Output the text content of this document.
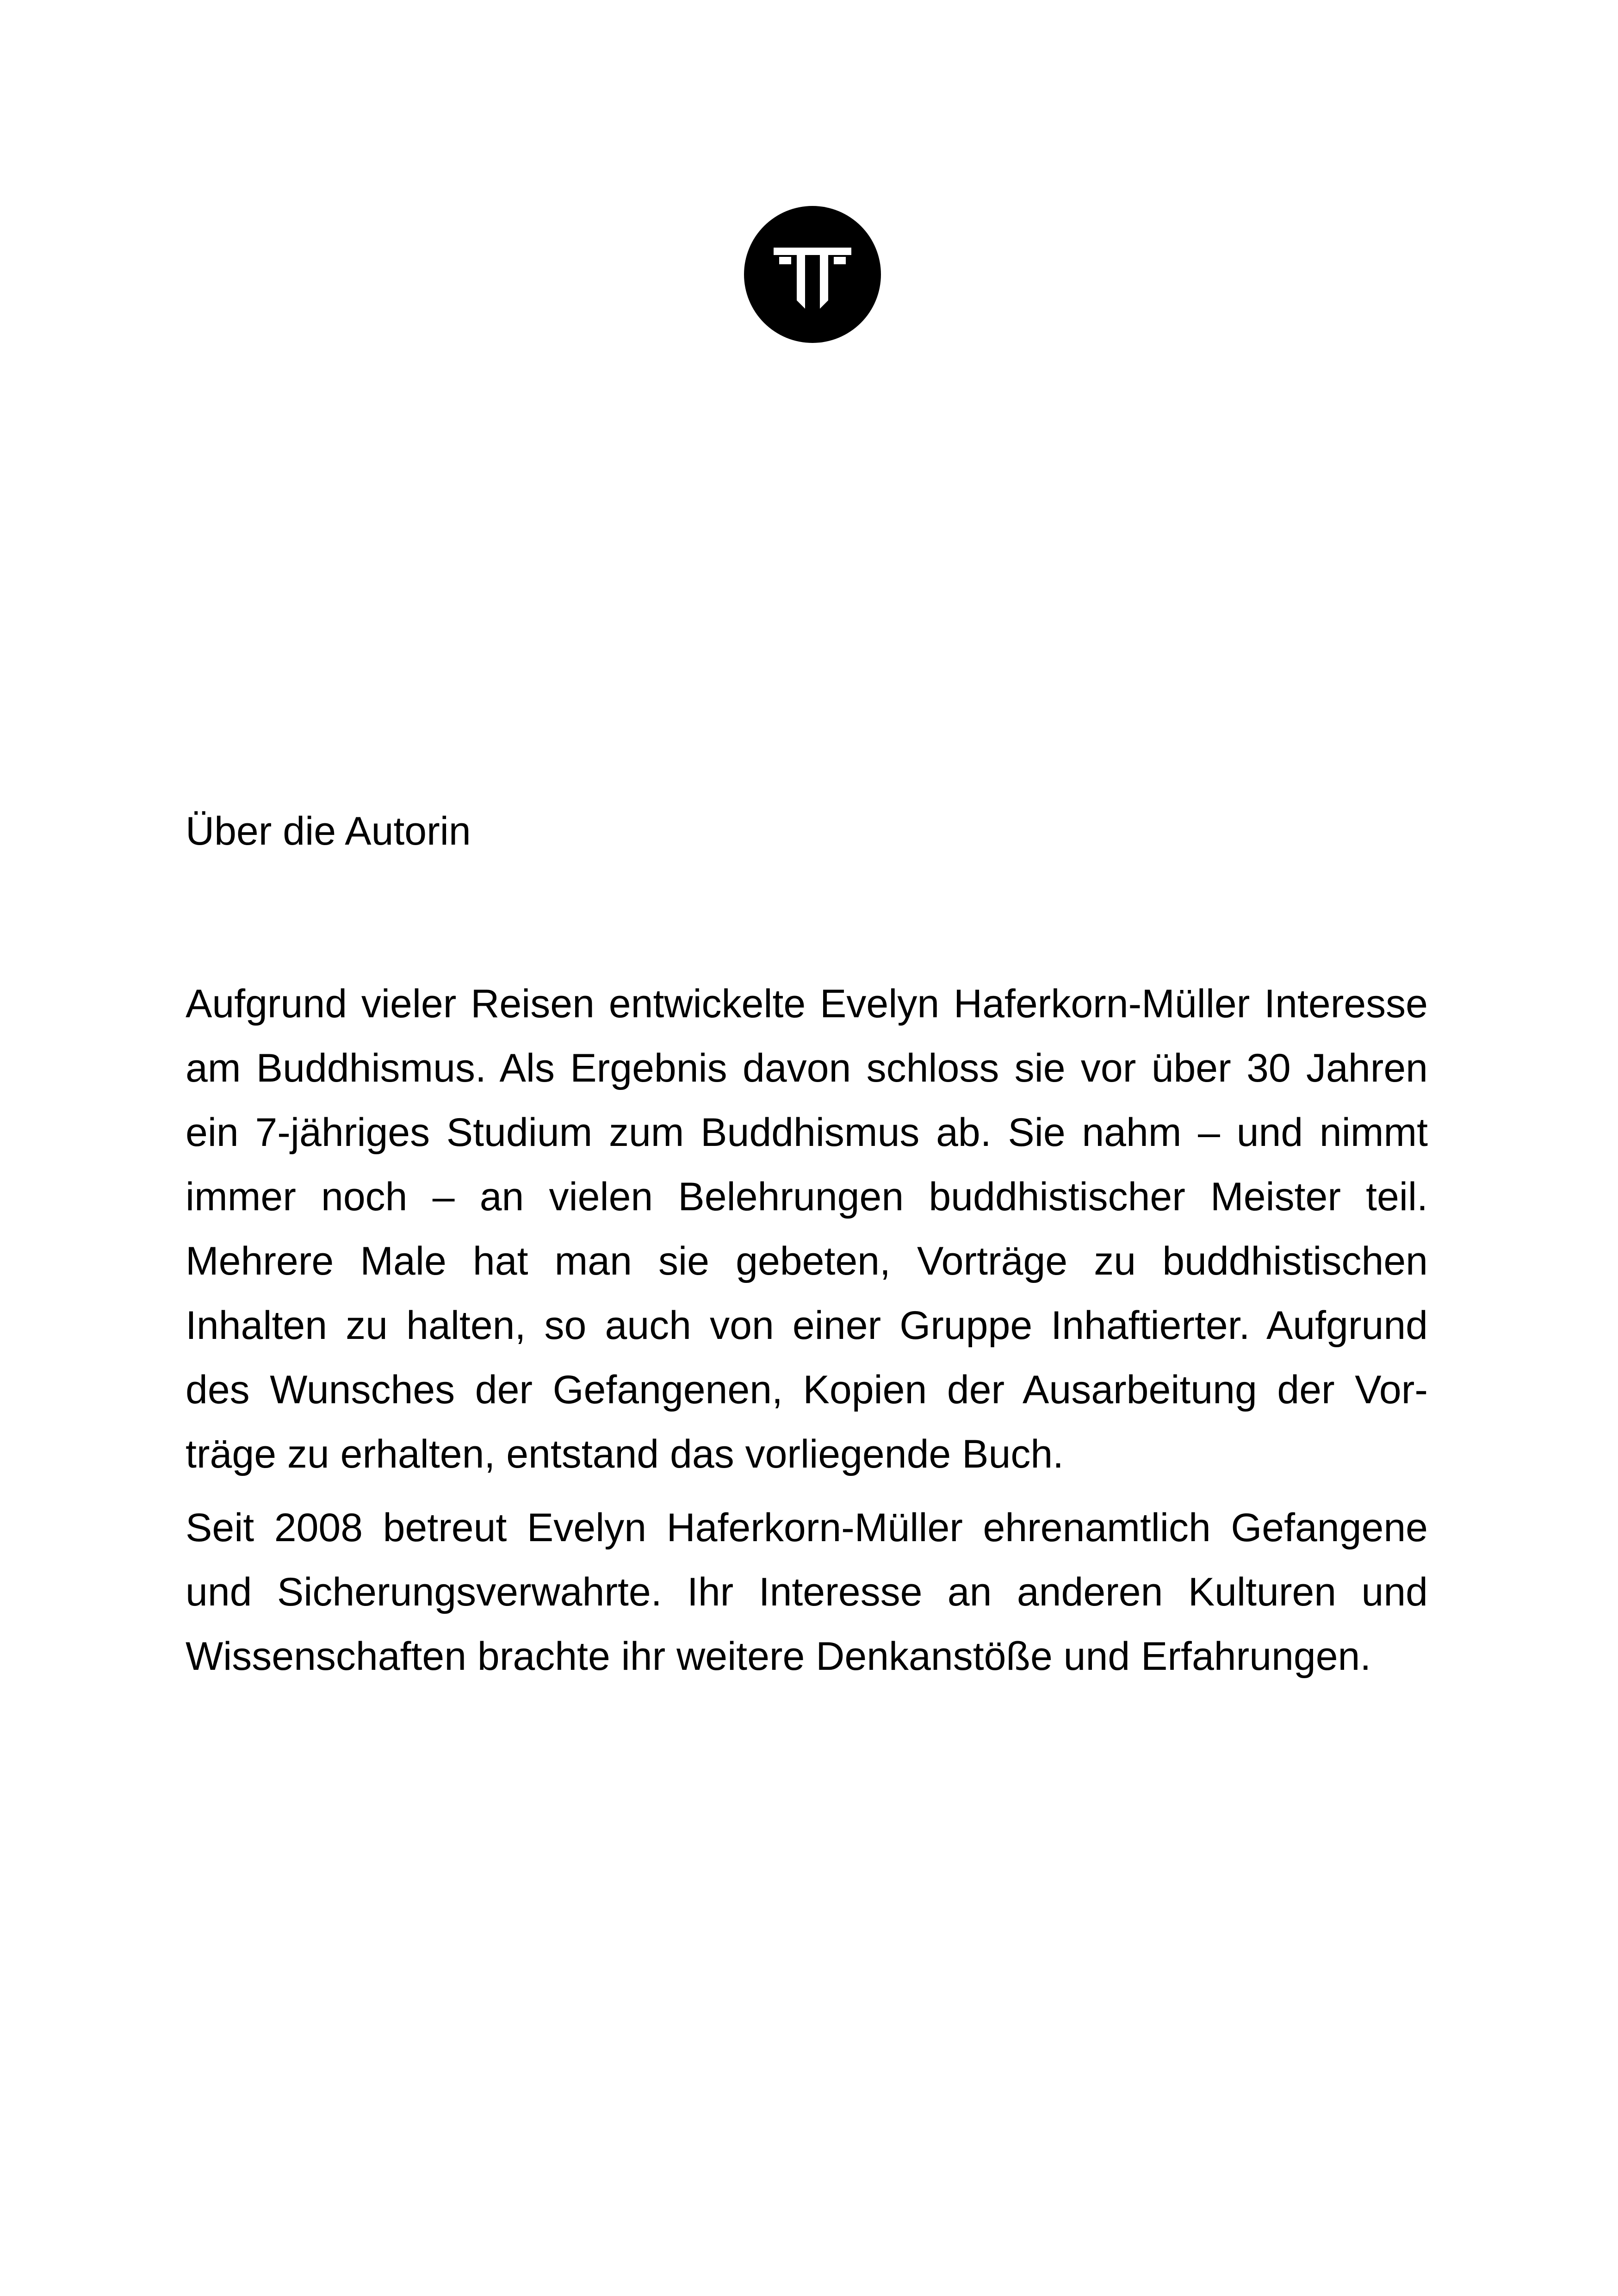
Über die Autorin

Aufgrund vieler Reisen entwickelte Evelyn Haferkorn-Müller Interesse am Buddhismus. Als Ergebnis davon schloss sie vor über 30 Jahren ein 7-jähriges Studium zum Buddhismus ab. Sie nahm – und nimmt immer noch – an vielen Belehrungen buddhistischer Meister teil. Mehrere Male hat man sie gebeten, Vorträge zu buddhistischen Inhalten zu halten, so auch von einer Gruppe Inhaftierter. Aufgrund des Wunsches der Gefangenen, Kopien der Ausarbeitung der Vorträge zu erhalten, entstand das vorliegende Buch.

Seit 2008 betreut Evelyn Haferkorn-Müller ehrenamtlich Gefangene und Sicherungsverwahrte. Ihr Interesse an anderen Kulturen und Wissenschaften brachte ihr weitere Denkanstöße und Erfahrungen.
